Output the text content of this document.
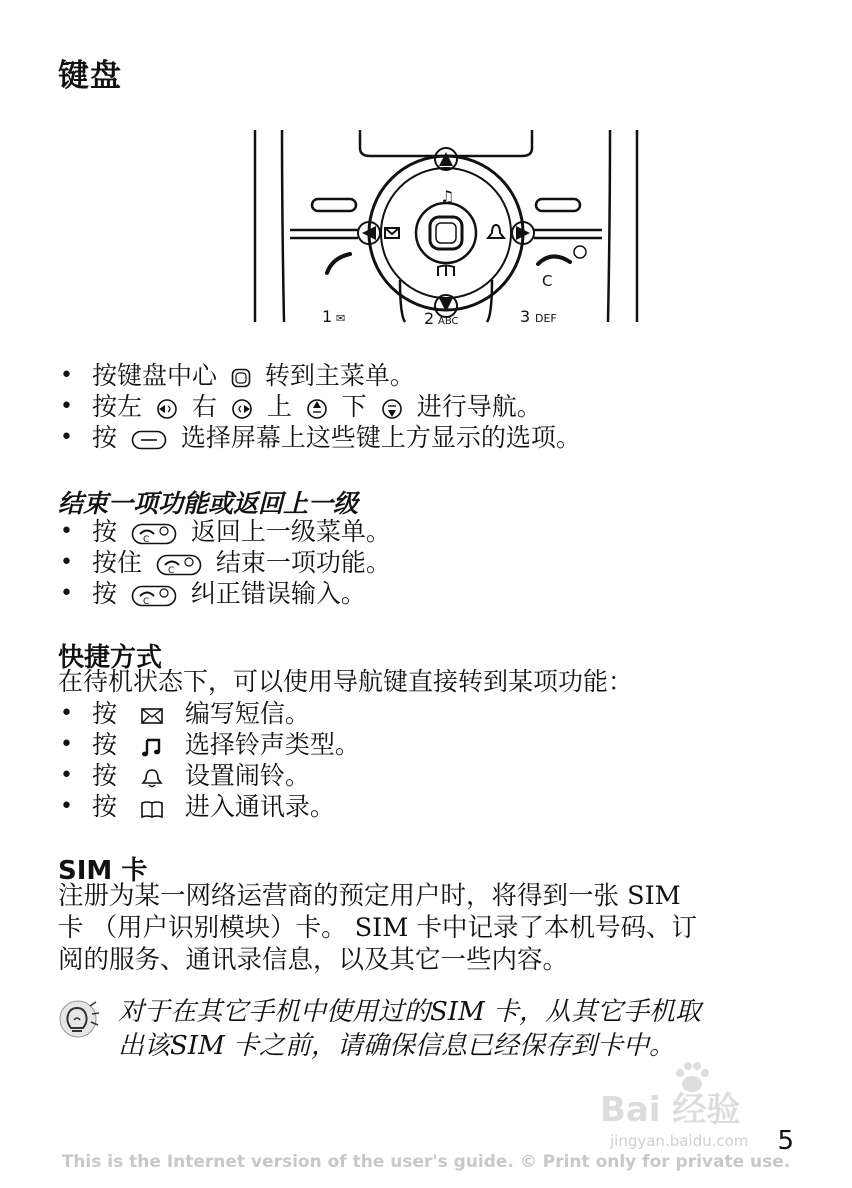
键盘
♫
C
1 ✉	2 ABC	3 DEF
• 按键盘中心 转到主菜单。
• 按左 右 上 下 进行导航。
• 按	选择屏幕上这些键上方显示的选项。
结束一项功能或返回上一级
• 按	C 返回上一级菜单。
• 按住	C 结束一项功能。
• 按	C 纠正错误输入。
快捷方式
在待机状态下，可以使用导航键直接转到某项功能：
• 按	编写短信。
• 按	选择铃声类型。
• 按	设置闹铃。
• 按	进入通讯录。
SIM 卡
注册为某一网络运营商的预定用户时，将得到一张 SIM
卡 （用户识别模块）卡。 SIM 卡中记录了本机号码、订
阅的服务、通讯录信息，以及其它一些内容。
对于在其它手机中使用过的SIM 卡，从其它手机取
出该SIM 卡之前，请确保信息已经保存到卡中。
Bai 经验
jingyan.baidu.com 5
This is the Internet version of the user's guide. © Print only for private use.
